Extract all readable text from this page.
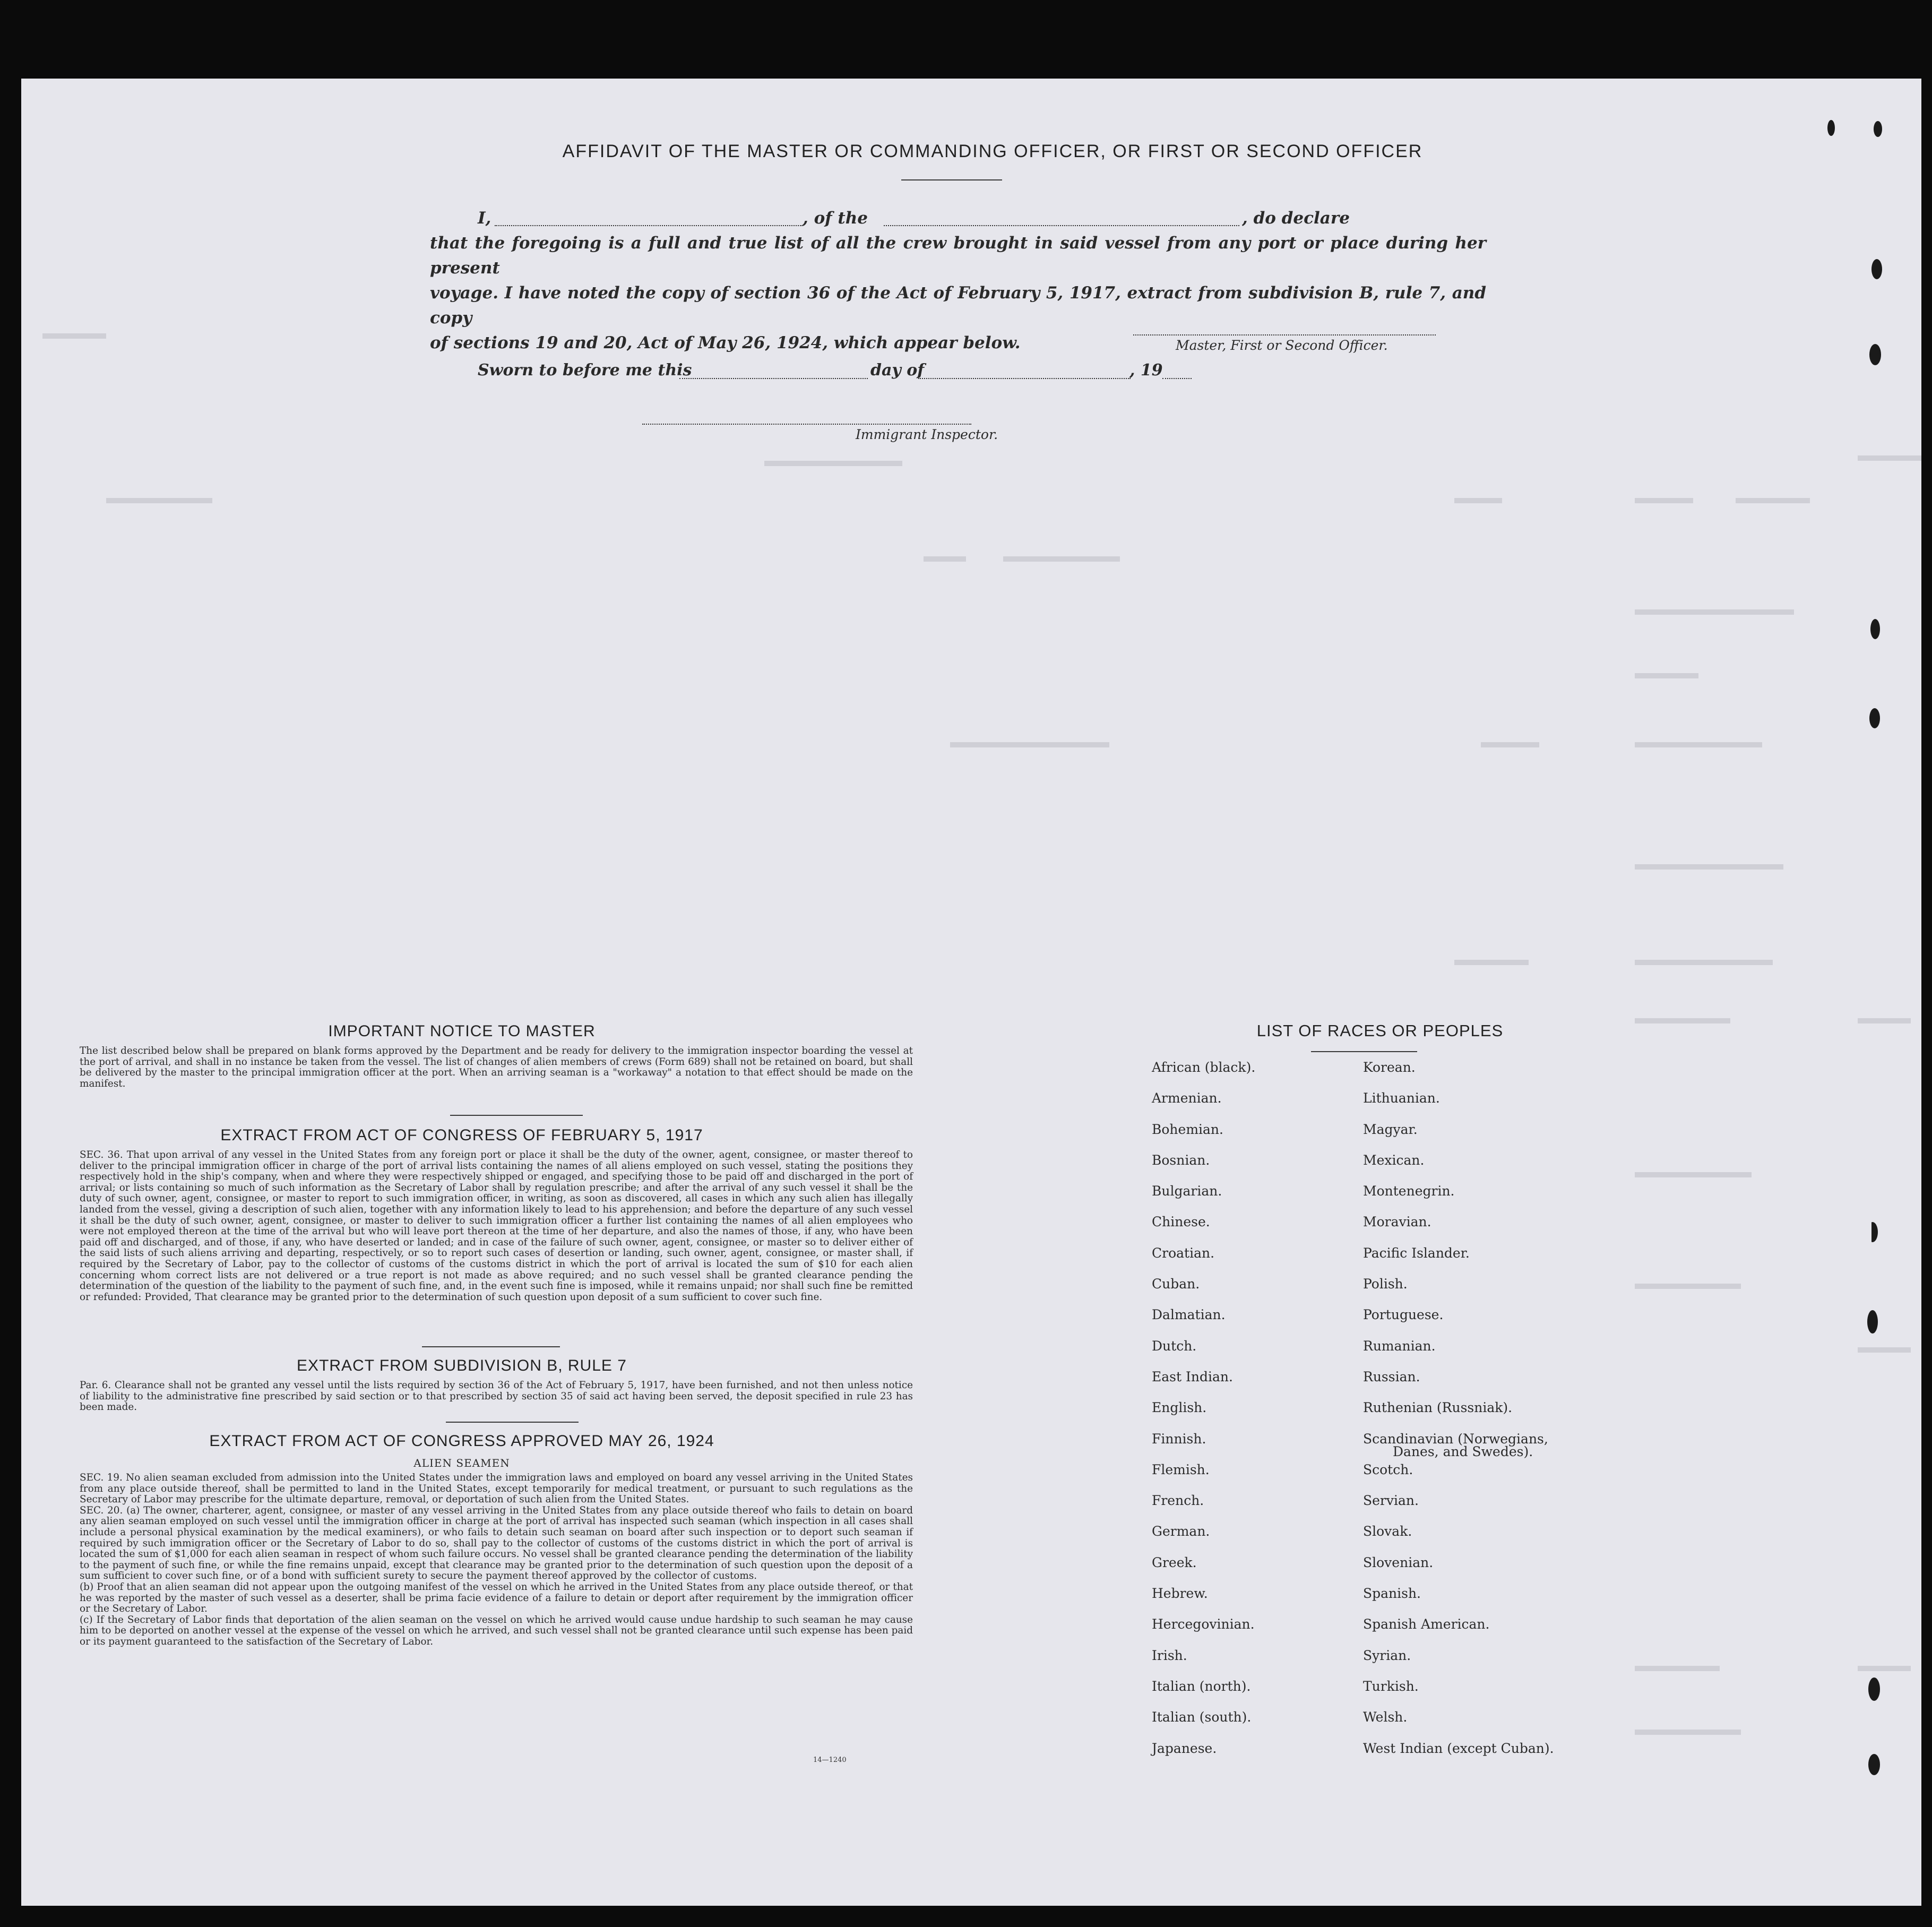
AFFIDAVIT OF THE MASTER OR COMMANDING OFFICER, OR FIRST OR SECOND OFFICER
I,	, of the	, do declare
that the foregoing is a full and true list of all the crew brought in said vessel from any port or place during her present
voyage. I have noted the copy of section 36 of the Act of February 5, 1917, extract from subdivision B, rule 7, and copy
of sections 19 and 20, Act of May 26, 1924, which appear below.	Master, First or Second Officer.
Sworn to before me this	day of	, 19
Immigrant Inspector.
IMPORTANT NOTICE TO MASTER
The list described below shall be prepared on blank forms approved by the Department and be ready for delivery to the immigration inspector boarding the vessel at the port of arrival, and shall in no instance be taken from the vessel. The list of changes of alien members of crews (Form 689) shall not be retained on board, but shall be delivered by the master to the principal immigration officer at the port. When an arriving seaman is a "workaway" a notation to that effect should be made on the manifest.
EXTRACT FROM ACT OF CONGRESS OF FEBRUARY 5, 1917
SEC. 36. That upon arrival of any vessel in the United States from any foreign port or place it shall be the duty of the owner, agent, consignee, or master thereof to deliver to the principal immigration officer in charge of the port of arrival lists containing the names of all aliens employed on such vessel, stating the positions they respectively hold in the ship's company, when and where they were respectively shipped or engaged, and specifying those to be paid off and discharged in the port of arrival; or lists containing so much of such information as the Secretary of Labor shall by regulation prescribe; and after the arrival of any such vessel it shall be the duty of such owner, agent, consignee, or master to report to such immigration officer, in writing, as soon as discovered, all cases in which any such alien has illegally landed from the vessel, giving a description of such alien, together with any information likely to lead to his apprehension; and before the departure of any such vessel it shall be the duty of such owner, agent, consignee, or master to deliver to such immigration officer a further list containing the names of all alien employees who were not employed thereon at the time of the arrival but who will leave port thereon at the time of her departure, and also the names of those, if any, who have been paid off and discharged, and of those, if any, who have deserted or landed; and in case of the failure of such owner, agent, consignee, or master so to deliver either of the said lists of such aliens arriving and departing, respectively, or so to report such cases of desertion or landing, such owner, agent, consignee, or master shall, if required by the Secretary of Labor, pay to the collector of customs of the customs district in which the port of arrival is located the sum of $10 for each alien concerning whom correct lists are not delivered or a true report is not made as above required; and no such vessel shall be granted clearance pending the determination of the question of the liability to the payment of such fine, and, in the event such fine is imposed, while it remains unpaid; nor shall such fine be remitted or refunded: Provided, That clearance may be granted prior to the determination of such question upon deposit of a sum sufficient to cover such fine.
EXTRACT FROM SUBDIVISION B, RULE 7
Par. 6. Clearance shall not be granted any vessel until the lists required by section 36 of the Act of February 5, 1917, have been furnished, and not then unless notice of liability to the administrative fine prescribed by said section or to that prescribed by section 35 of said act having been served, the deposit specified in rule 23 has been made.
EXTRACT FROM ACT OF CONGRESS APPROVED MAY 26, 1924
ALIEN SEAMEN
SEC. 19. No alien seaman excluded from admission into the United States under the immigration laws and employed on board any vessel arriving in the United States from any place outside thereof, shall be permitted to land in the United States, except temporarily for medical treatment, or pursuant to such regulations as the Secretary of Labor may prescribe for the ultimate departure, removal, or deportation of such alien from the United States.
SEC. 20. (a) The owner, charterer, agent, consignee, or master of any vessel arriving in the United States from any place outside thereof who fails to detain on board any alien seaman employed on such vessel until the immigration officer in charge at the port of arrival has inspected such seaman (which inspection in all cases shall include a personal physical examination by the medical examiners), or who fails to detain such seaman on board after such inspection or to deport such seaman if required by such immigration officer or the Secretary of Labor to do so, shall pay to the collector of customs of the customs district in which the port of arrival is located the sum of $1,000 for each alien seaman in respect of whom such failure occurs. No vessel shall be granted clearance pending the determination of the liability to the payment of such fine, or while the fine remains unpaid, except that clearance may be granted prior to the determination of such question upon the deposit of a sum sufficient to cover such fine, or of a bond with sufficient surety to secure the payment thereof approved by the collector of customs.
(b) Proof that an alien seaman did not appear upon the outgoing manifest of the vessel on which he arrived in the United States from any place outside thereof, or that he was reported by the master of such vessel as a deserter, shall be prima facie evidence of a failure to detain or deport after requirement by the immigration officer or the Secretary of Labor.
(c) If the Secretary of Labor finds that deportation of the alien seaman on the vessel on which he arrived would cause undue hardship to such seaman he may cause him to be deported on another vessel at the expense of the vessel on which he arrived, and such vessel shall not be granted clearance until such expense has been paid or its payment guaranteed to the satisfaction of the Secretary of Labor.
14—1240
LIST OF RACES OR PEOPLES
African (black).
Armenian.
Bohemian.
Bosnian.
Bulgarian.
Chinese.
Croatian.
Cuban.
Dalmatian.
Dutch.
East Indian.
English.
Finnish.
Flemish.
French.
German.
Greek.
Hebrew.
Hercegovinian.
Irish.
Italian (north).
Italian (south).
Japanese.
Korean.
Lithuanian.
Magyar.
Mexican.
Montenegrin.
Moravian.
Pacific Islander.
Polish.
Portuguese.
Rumanian.
Russian.
Ruthenian (Russniak).
Scandinavian (Norwegians,
Danes, and Swedes).
Scotch.
Servian.
Slovak.
Slovenian.
Spanish.
Spanish American.
Syrian.
Turkish.
Welsh.
West Indian (except Cuban).
